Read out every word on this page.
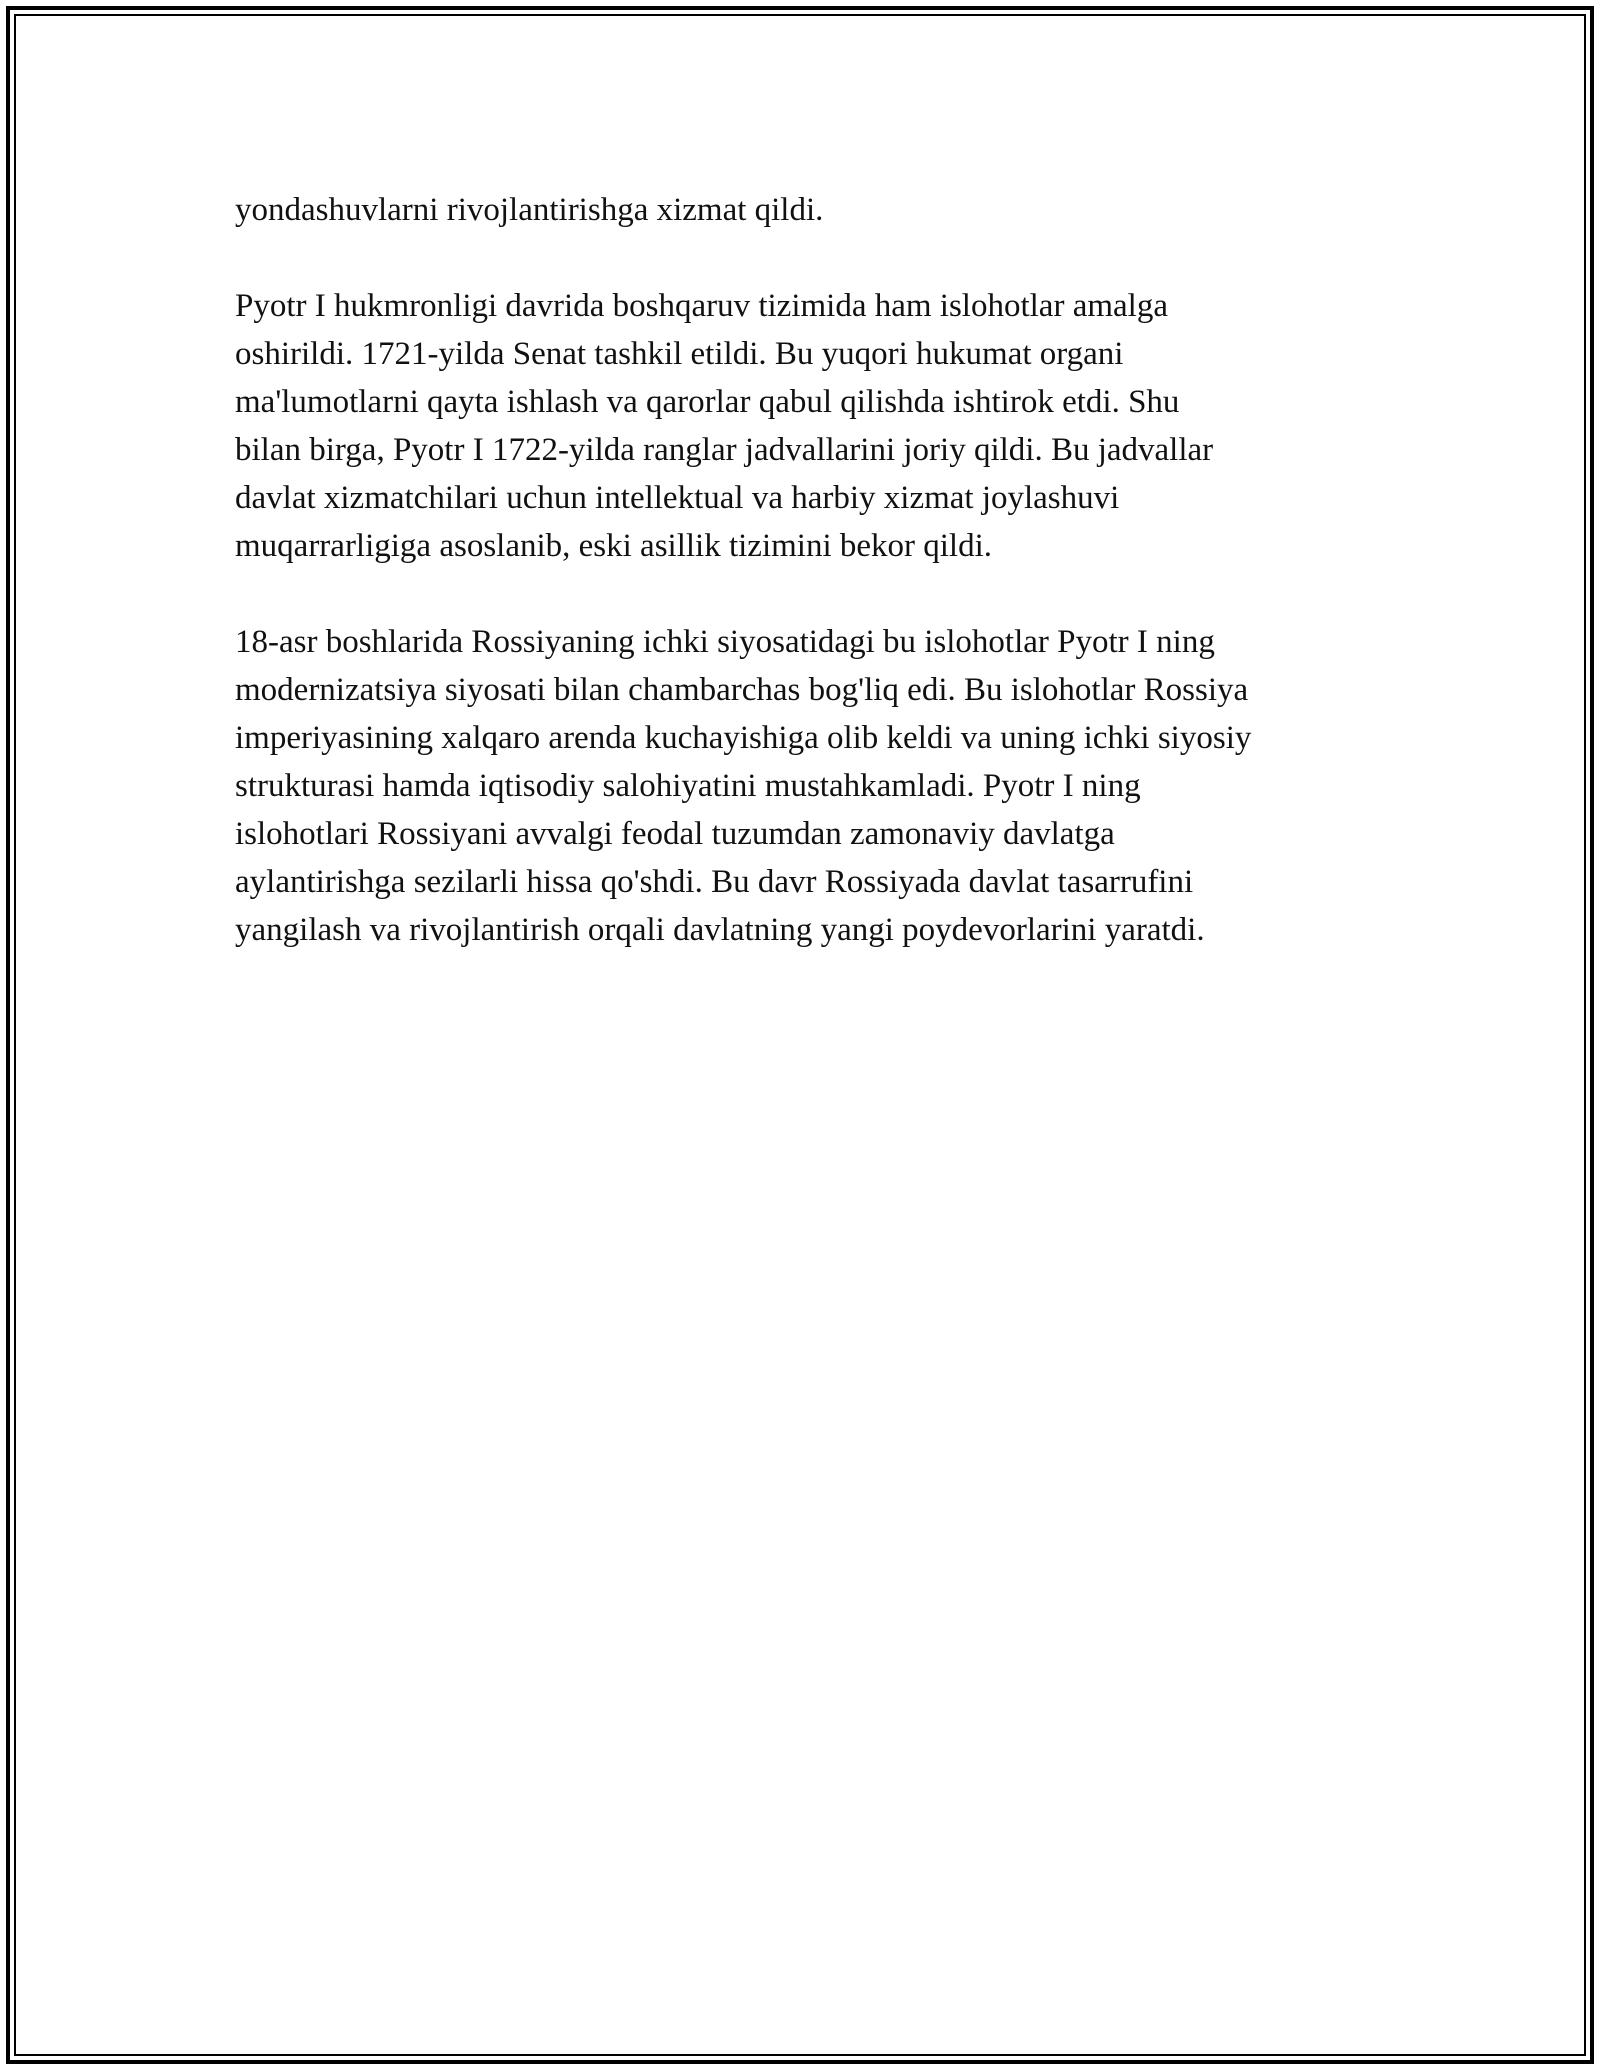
yondashuvlarni rivojlantirishga xizmat qildi.

Pyotr I hukmronligi davrida boshqaruv tizimida ham islohotlar amalga
oshirildi. 1721-yilda Senat tashkil etildi. Bu yuqori hukumat organi
ma'lumotlarni qayta ishlash va qarorlar qabul qilishda ishtirok etdi. Shu
bilan birga, Pyotr I 1722-yilda ranglar jadvallarini joriy qildi. Bu jadvallar
davlat xizmatchilari uchun intellektual va harbiy xizmat joylashuvi
muqarrarligiga asoslanib, eski asillik tizimini bekor qildi.

18-asr boshlarida Rossiyaning ichki siyosatidagi bu islohotlar Pyotr I ning
modernizatsiya siyosati bilan chambarchas bog'liq edi. Bu islohotlar Rossiya
imperiyasining xalqaro arenda kuchayishiga olib keldi va uning ichki siyosiy
strukturasi hamda iqtisodiy salohiyatini mustahkamladi. Pyotr I ning
islohotlari Rossiyani avvalgi feodal tuzumdan zamonaviy davlatga
aylantirishga sezilarli hissa qo'shdi. Bu davr Rossiyada davlat tasarrufini
yangilash va rivojlantirish orqali davlatning yangi poydevorlarini yaratdi.
